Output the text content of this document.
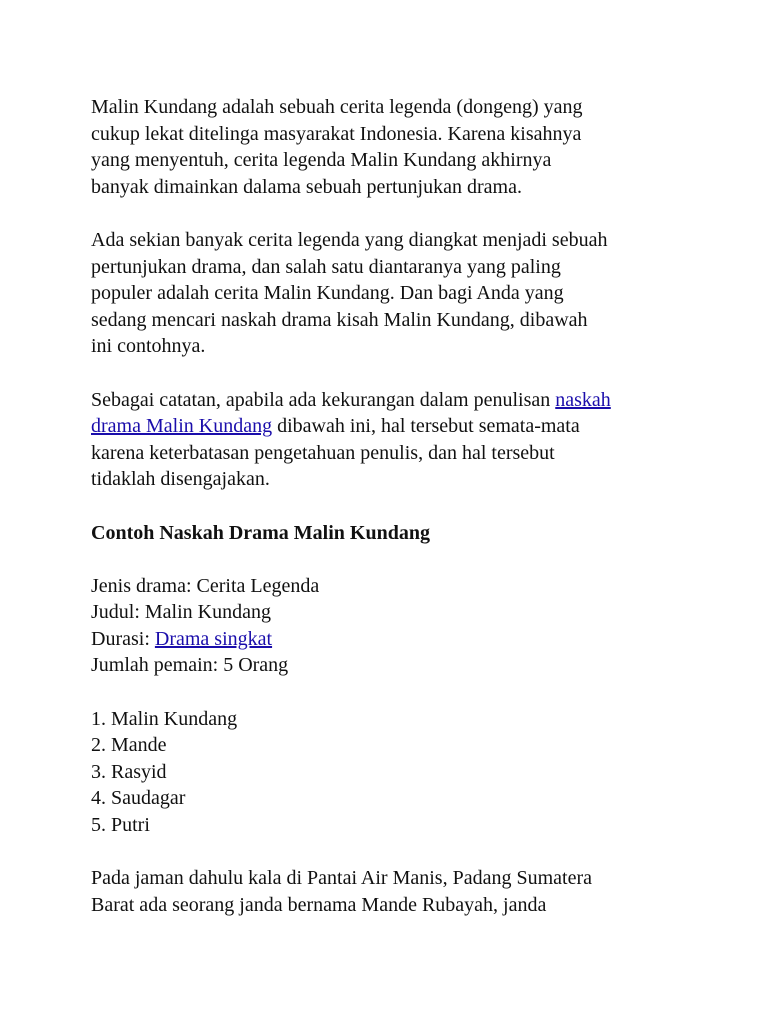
Malin Kundang adalah sebuah cerita legenda (dongeng) yang
cukup lekat ditelinga masyarakat Indonesia. Karena kisahnya
yang menyentuh, cerita legenda Malin Kundang akhirnya
banyak dimainkan dalama sebuah pertunjukan drama.

Ada sekian banyak cerita legenda yang diangkat menjadi sebuah
pertunjukan drama, dan salah satu diantaranya yang paling
populer adalah cerita Malin Kundang. Dan bagi Anda yang
sedang mencari naskah drama kisah Malin Kundang, dibawah
ini contohnya.

Sebagai catatan, apabila ada kekurangan dalam penulisan naskah
drama Malin Kundang dibawah ini, hal tersebut semata-mata
karena keterbatasan pengetahuan penulis, dan hal tersebut
tidaklah disengajakan.

Contoh Naskah Drama Malin Kundang

Jenis drama: Cerita Legenda
Judul: Malin Kundang
Durasi: Drama singkat
Jumlah pemain: 5 Orang
1. Malin Kundang
2. Mande
3. Rasyid
4. Saudagar
5. Putri
Pada jaman dahulu kala di Pantai Air Manis, Padang Sumatera
Barat ada seorang janda bernama Mande Rubayah, janda
